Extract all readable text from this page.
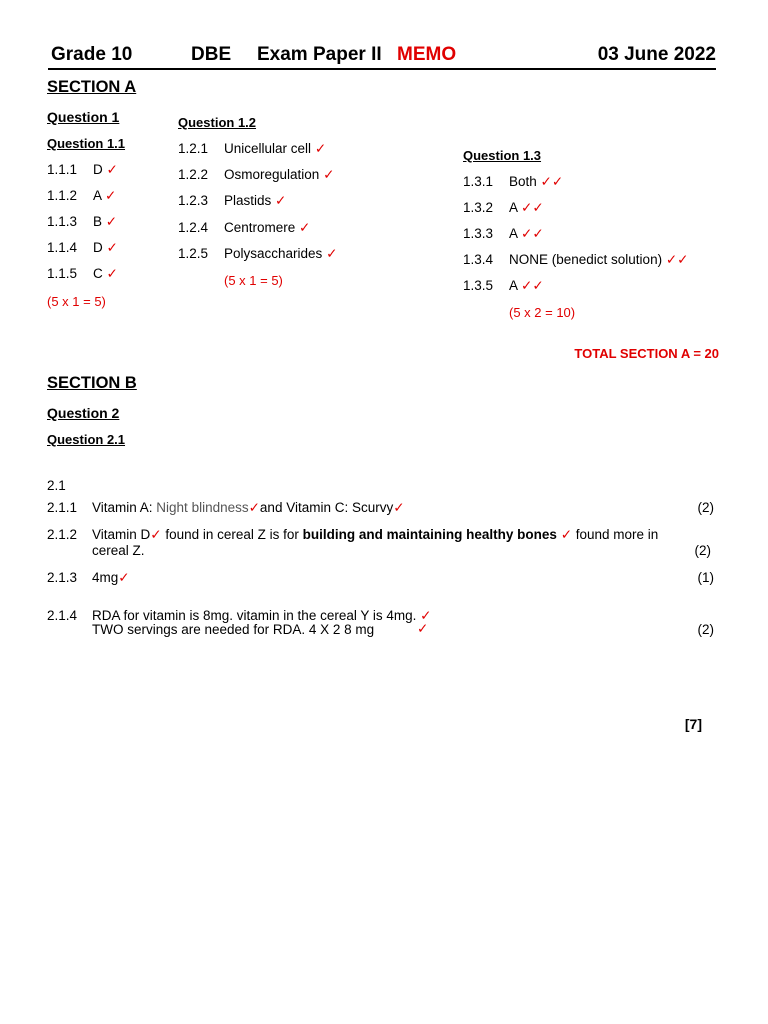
Grade 10	DBE Exam Paper II MEMO	03 June 2022
SECTION A
Question 1
Question 1.1
1.1.1 D ✓
1.1.2 A ✓
1.1.3 B ✓
1.1.4 D ✓
1.1.5 C ✓
(5 x 1 = 5)
Question 1.2
1.2.1 Unicellular cell ✓
1.2.2 Osmoregulation ✓
1.2.3 Plastids ✓
1.2.4 Centromere ✓
1.2.5 Polysaccharides ✓
(5 x 1 = 5)
Question 1.3
1.3.1 Both ✓✓
1.3.2 A ✓✓
1.3.3 A ✓✓
1.3.4 NONE (benedict solution) ✓✓
1.3.5 A ✓✓
(5 x 2 = 10)
TOTAL SECTION A = 20
SECTION B
Question 2
Question 2.1
2.1
2.1.1 Vitamin A: Night blindness✓and Vitamin C: Scurvy✓	(2)
2.1.2 Vitamin D✓ found in cereal Z is for building and maintaining healthy bones ✓ found more in
cereal Z.	(2)
2.1.3 4mg✓	(1)
2.1.4 RDA for vitamin is 8mg. vitamin in the cereal Y is 4mg. ✓
TWO servings are needed for RDA. 4 X 2 8 mg	✓	(2)
[7]
